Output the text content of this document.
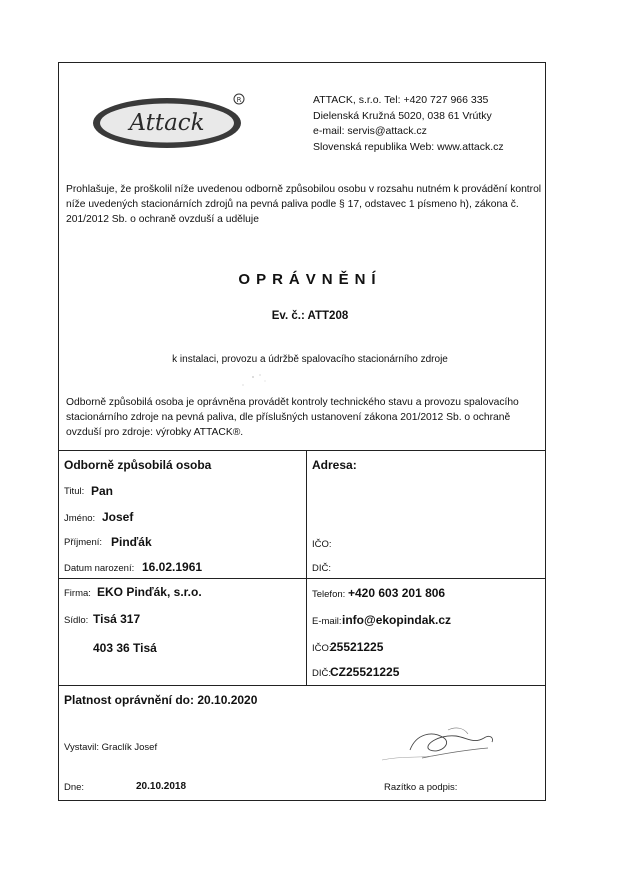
Attack
R	ATTACK, s.r.o. Tel: +420 727 966 335
Dielenská Kružná 5020, 038 61 Vrútky
e-mail: servis@attack.cz
Slovenská republika Web: www.attack.cz
Prohlašuje, že proškolil níže uvedenou odborně způsobilou osobu v rozsahu nutném k provádění kontrol níže uvedených stacionárních zdrojů na pevná paliva podle § 17, odstavec 1 písmeno h), zákona č. 201/2012 Sb. o ochraně ovzduší a uděluje
OPRÁVNĚNÍ
Ev. č.: ATT208
k instalaci, provozu a údržbě spalovacího stacionárního zdroje
Odborně způsobilá osoba je oprávněna provádět kontroly technického stavu a provozu spalovacího stacionárního zdroje na pevná paliva, dle příslušných ustanovení zákona 201/2012 Sb. o ochraně ovzduší pro zdroje: výrobky ATTACK®.
Odborně způsobilá osoba
Titul: Pan
Jméno: Josef
Příjmení: Pinďák
Datum narození: 16.02.1961
Adresa:
IČO:
DIČ:
Firma: EKO Pinďák, s.r.o.
Sídlo: Tisá 317
403 36 Tisá
Telefon: +420 603 201 806
E-mail: info@ekopindak.cz
IČO:
25521225
DIČ: CZ25521225
Platnost oprávnění do: 20.10.2020
Vystavil: Graclík Josef
Dne:	20.10.2018	Razítko a podpis:
